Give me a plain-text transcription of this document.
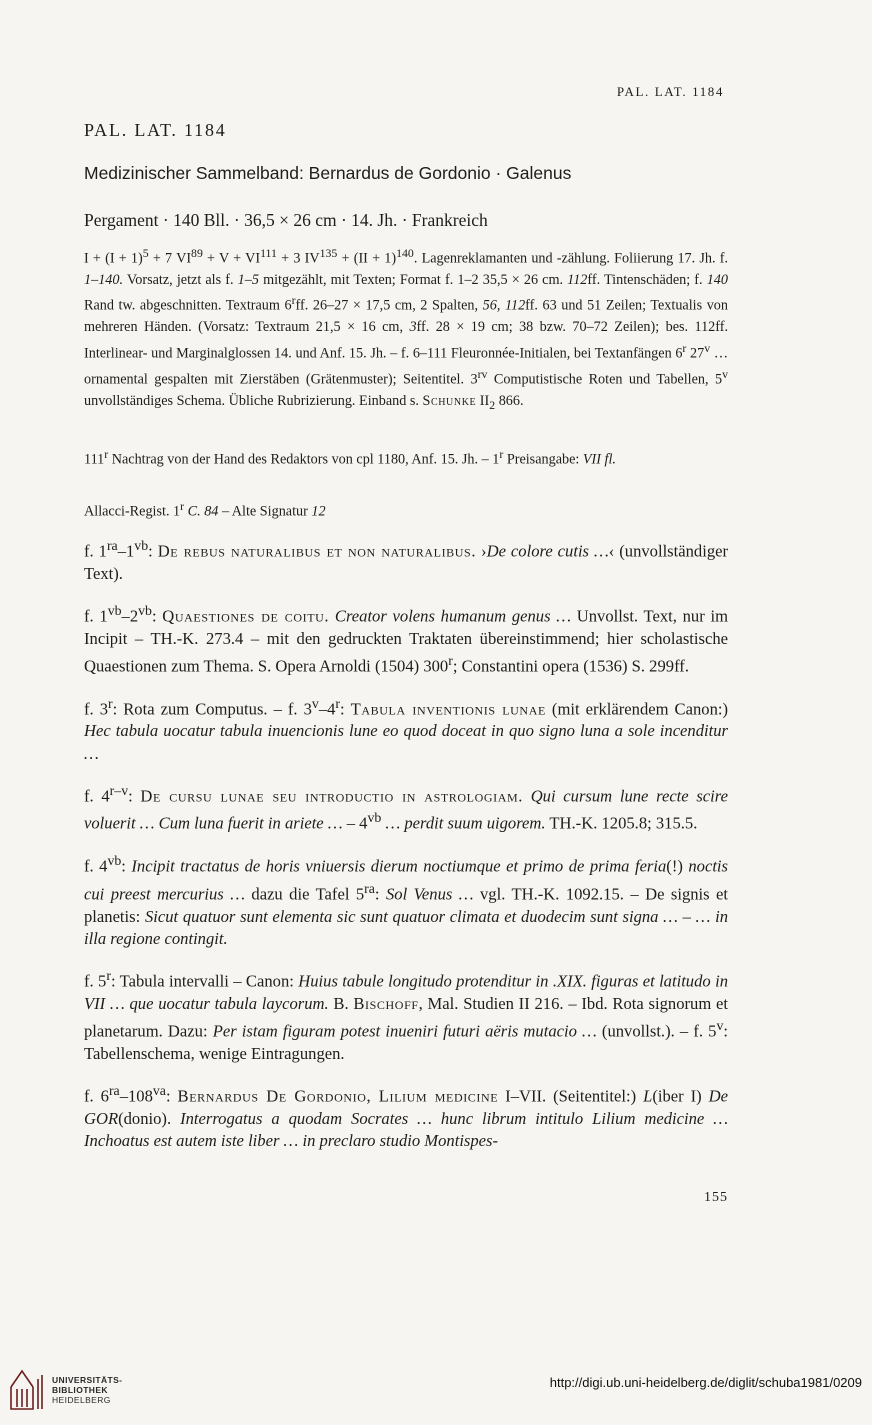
PAL. LAT. 1184
PAL. LAT. 1184
Medizinischer Sammelband: Bernardus de Gordonio · Galenus
Pergament · 140 Bll. · 36,5 × 26 cm · 14. Jh. · Frankreich

$I + (I + 1)^5 + 7$ $VI^{89} + V + VI^{111} + 3$ $IV^{135} + (II + 1)^{140}$. Lagenreklamanten und -zählung. Foliierung 17. Jh. f. 1–140. Vorsatz, jetzt als f. 1–5 mitgezählt, mit Texten; Format f. 1–2 35,5 × 26 cm. 112ff. Tintenschäden; f. 140 Rand tw. abgeschnitten. Textraum 6$^r$ff. 26–27 × 17,5 cm, 2 Spalten, 56, 112ff. 63 und 51 Zeilen; Textualis von mehreren Händen. (Vorsatz: Textraum 21,5 × 16 cm, 3ff. 28 × 19 cm; 38 bzw. 70–72 Zeilen); bes. 112ff. Interlinear- und Marginalglossen 14. und Anf. 15. Jh. – f. 6–111 Fleuronnée-Initialen, bei Textanfängen 6$^r$ 27$^v$ … ornamental gespalten mit Zierstäben (Grätenmuster); Seitentitel. $3^{rv}$ Computistische Roten und Tabellen, 5$^v$ unvollständiges Schema. Übliche Rubrizierung. Einband s. Schunke $II_2$ 866.

111$^r$ Nachtrag von der Hand des Redaktors von cpl 1180, Anf. 15. Jh. – 1$^r$ Preisangabe: VII fl.

Allacci-Regist. 1$^r$ C. 84 – Alte Signatur 12

f. $1^{ra}-1^{vb}$: De rebus naturalibus et non naturalibus. ›De colore cutis …‹ (unvollständiger Text).

f. $1^{vb}-2^{vb}$: Quaestiones de coitu. Creator volens humanum genus … Unvollst. Text, nur im Incipit – TH.-K. 273.4 – mit den gedruckten Traktaten übereinstimmend; hier scholastische Quaestionen zum Thema. S. Opera Arnoldi (1504) 300$^r$; Constantini opera (1536) S. 299ff.

f. 3$^r$: Rota zum Computus. – f. 3$^v$–4$^r$: Tabula inventionis lunae (mit erklärendem Canon:) Hec tabula uocatur tabula inuencionis lune eo quod doceat in quo signo luna a sole incenditur …

f. 4$^{r-v}$: De cursu lunae seu introductio in astrologiam. Qui cursum lune recte scire voluerit … Cum luna fuerit in ariete … – $4^{vb}$ … perdit suum uigorem. TH.-K. 1205.8; 315.5.

f. $4^{vb}$: Incipit tractatus de horis vniuersis dierum noctiumque et primo de prima feria(!) noctis cui preest mercurius … dazu die Tafel $5^{ra}$: Sol Venus … vgl. TH.-K. 1092.15. – De signis et planetis: Sicut quatuor sunt elementa sic sunt quatuor climata et duodecim sunt signa … – … in illa regione contingit.

f. 5$^r$: Tabula intervalli – Canon: Huius tabule longitudo protenditur in .XIX. figuras et latitudo in VII … que uocatur tabula laycorum. B. Bischoff, Mal. Studien II 216. – Ibd. Rota signorum et planetarum. Dazu: Per istam figuram potest inueniri futuri aëris mutacio … (unvollst.). – f. 5$^v$: Tabellenschema, wenige Eintragungen.

f. $6^{ra}-108^{va}$: Bernardus De Gordonio, Lilium medicine I–VII. (Seitentitel:) L(iber I) De GOR(donio). Interrogatus a quodam Socrates … hunc librum intitulo Lilium medicine … Inchoatus est autem iste liber … in preclaro studio Montispes-

155
UNIVERSITÄTS-
BIBLIOTHEK
HEIDELBERG
http://digi.ub.uni-heidelberg.de/diglit/schuba1981/0209
